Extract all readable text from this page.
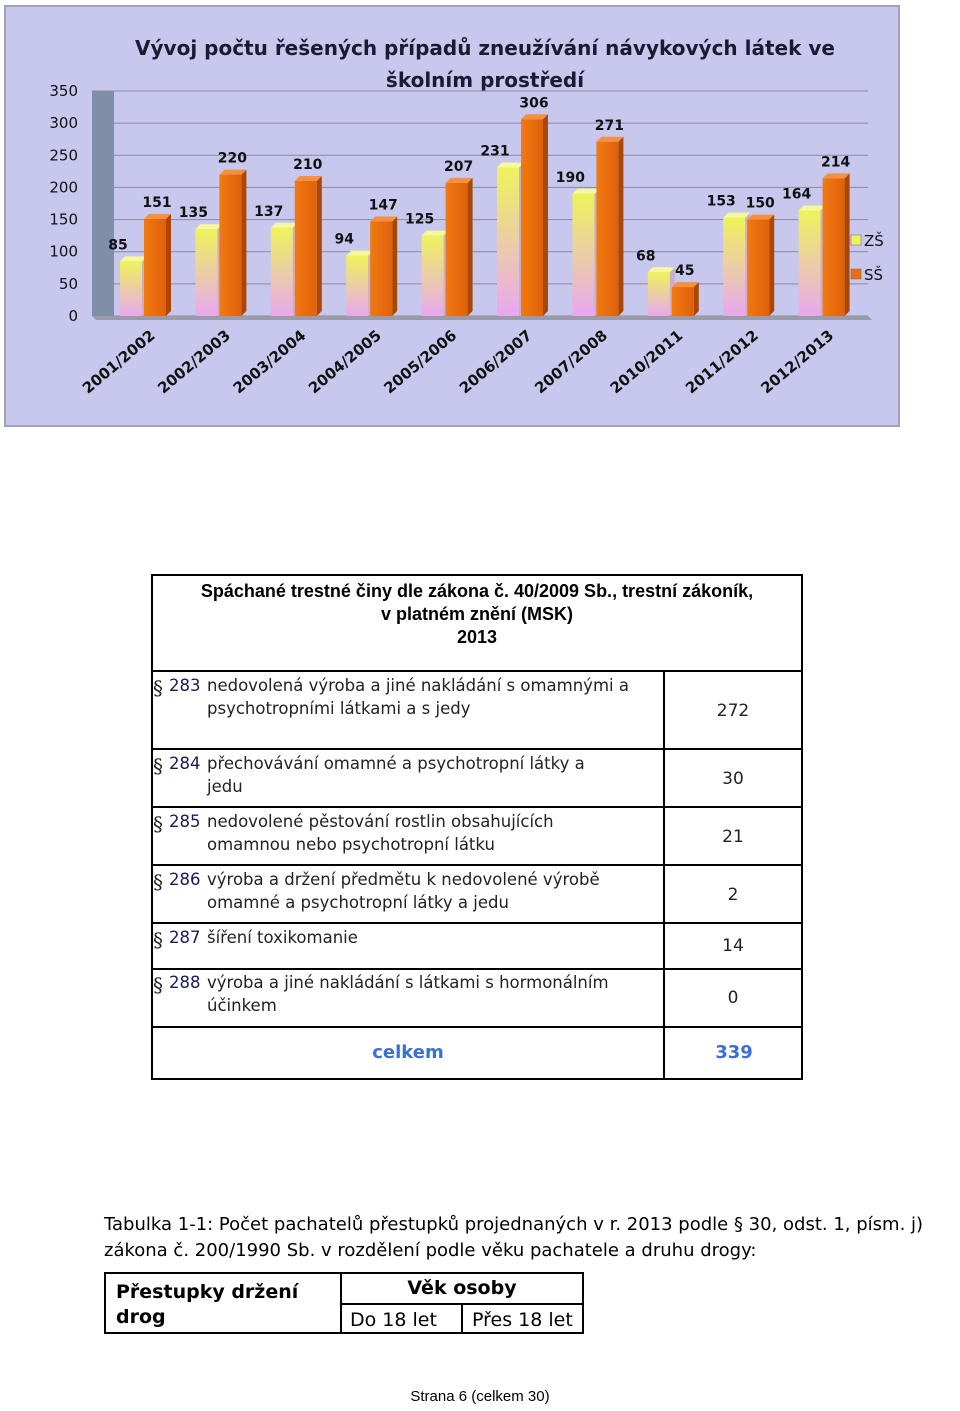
Vývoj počtu řešených případů zneužívání návykových látek ve
školním prostředí
0
50
100
150
200
250
300
350
85
151
135
220
137
210
94
147
125
207
231
306
190
271
68
45
153 150
164
214
2001/2002
2002/2003
2003/2004
2004/2005
2005/2006
2006/2007
2007/2008
2010/2011
2011/2012
2012/2013
ZŠ
SŠ
Spáchané trestné činy dle zákona č. 40/2009 Sb., trestní zákoník,
v platném znění (MSK)
2013
§ 283 nedovolená výroba a jiné nakládání s omamnými a
psychotropními látkami a s jedy	272
§ 284 přechovávání omamné a psychotropní látky a
jedu	30
§ 285 nedovolené pěstování rostlin obsahujících
omamnou nebo psychotropní látku	21
§ 286 výroba a držení předmětu k nedovolené výrobě
omamné a psychotropní látky a jedu	2
§ 287 šíření toxikomanie	14
§ 288 výroba a jiné nakládání s látkami s hormonálním
účinkem	0
celkem	339
Tabulka 1-1: Počet pachatelů přestupků projednaných v r. 2013 podle § 30, odst. 1, písm. j)
zákona č. 200/1990 Sb. v rozdělení podle věku pachatele a druhu drogy:
Přestupky držení
drog
Věk osoby
Do 18 let Přes 18 let
Strana 6 (celkem 30)
